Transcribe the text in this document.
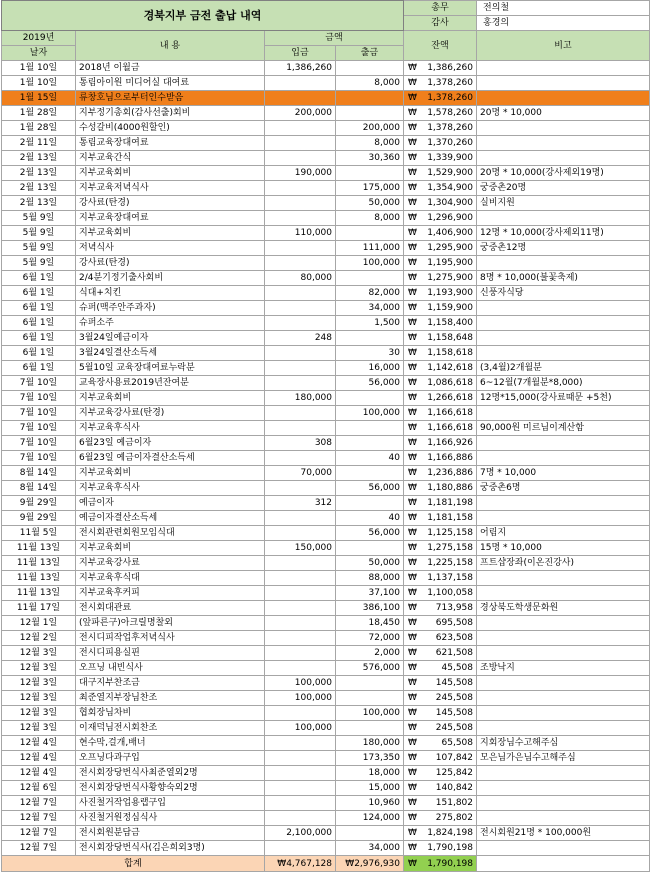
경북지부 금전 출납 내역				총무	전의철
				감사	홍경의
2019년	내 용	금액		잔액	비고
날자		입금	출금		
1월 10일	2018년 이월금	1,386,260		₩ 1,386,260	

1월 10일	통림아이원 미디어실 대여료		8,000	₩ 1,378,260	

1월 15일	류창호님으로부터인수받음			₩ 1,378,260	

1월 28일	지부정기총회(감사선출)회비	200,000		₩ 1,578,260	20명 * 10,000
1월 28일	수성갈비(4000원할인)		200,000	₩ 1,378,260	

2월 11일	통림교육장대여료		8,000	₩ 1,370,260	

2월 13일	지부교육간식		30,360	₩ 1,339,900	

2월 13일	지부교육회비	190,000		₩ 1,529,900	20명 * 10,000(강사제외19명)
2월 13일	지부교육저녁식사		175,000	₩ 1,354,900	궁중촌20명
2월 13일	강사료(탄경)		50,000	₩ 1,304,900	실비지원
5월 9일	지부교육장대여료		8,000	₩ 1,296,900	

5월 9일	지부교육회비	110,000		₩ 1,406,900	12명 * 10,000(강사제외11명)
5월 9일	저녁식사		111,000	₩ 1,295,900	궁중촌12명
5월 9일	강사료(탄경)		100,000	₩ 1,195,900	

6월 1일	2/4분기정기출사회비	80,000		₩ 1,275,900	8명 * 10,000(불꽃축제)
6월 1일	식대+치킨		82,000	₩ 1,193,900	신풍자식당
6월 1일	슈퍼(맥주안주과자)		34,000	₩ 1,159,900	

6월 1일	슈퍼소주		1,500	₩ 1,158,400	

6월 1일	3월24일예금이자	248		₩ 1,158,648	

6월 1일	3월24일결산소득세		30	₩ 1,158,618	

6월 1일	5월10일 교육장대여료누락분		16,000	₩ 1,142,618	(3,4월)2개월분
7월 10일	교육장사용료2019년잔여분		56,000	₩ 1,086,618	6~12월(7개월분*8,000)
7월 10일	지부교육회비	180,000		₩ 1,266,618	12명*15,000(강사료때문 +5천)
7월 10일	지부교육강사료(탄경)		100,000	₩ 1,166,618	

7월 10일	지부교육후식사			₩ 1,166,618	90,000원 미르님이계산함
7월 10일	6월23일 예금이자	308		₩ 1,166,926	

7월 10일	6월23일 예금이자결산소득세		40	₩ 1,166,886	

8월 14일	지부교육회비	70,000		₩ 1,236,886	7명 * 10,000
8월 14일	지부교육후식사		56,000	₩ 1,180,886	궁중촌6명
9월 29일	예금이자	312		₩ 1,181,198	

9월 29일	예금이자결산소득세		40	₩ 1,181,158	

11월 5일	전시회관련회원모임식대		56,000	₩ 1,125,158	어림지
11월 13일	지부교육회비	150,000		₩ 1,275,158	15명 * 10,000
11월 13일	지부교육강사료		50,000	₩ 1,225,158	프트샵장좌(이온진강사)
11월 13일	지부교육후식대		88,000	₩ 1,137,158	

11월 13일	지부교육후커피		37,100	₩ 1,100,058	

11월 17일	전시회대관료		386,100	₩ 713,958	경상북도학생문화원
12월 1일	(앞파른구)아크릴명찰외		18,450	₩ 695,508	

12월 2일	전시디피작업후저녁식사		72,000	₩ 623,508	

12월 3일	전시디피용실핀		2,000	₩ 621,508	

12월 3일	오프닝 내빈식사		576,000	₩ 45,508	조방낙지
12월 3일	대구지부찬조금	100,000		₩ 145,508	

12월 3일	최준열지부장님찬조	100,000		₩ 245,508	

12월 3일	협회장님차비		100,000	₩ 145,508	

12월 3일	이재덕님전시회찬조	100,000		₩ 245,508	

12월 4일	현수막,걸개,배너		180,000	₩ 65,508	지회장님수고해주심
12월 4일	오프닝다과구입		173,350	₩ 107,842	모은님가은님수고해주심
12월 4일	전시회장당번식사최준열외2명		18,000	₩ 125,842	

12월 6일	전시회장당번식사황향숙외2명		15,000	₩ 140,842	

12월 7일	사진철거작업용랩구입		10,960	₩ 151,802	

12월 7일	사진철거원정심식사		124,000	₩ 275,802	

12월 7일	전시회원분담금	2,100,000		₩ 1,824,198	전시회원21명 * 100,000원
12월 7일	전시회장당번식사(김은희외3명)		34,000	₩ 1,790,198	

합계		₩4,767,128	₩2,976,930	₩ 1,790,198	
